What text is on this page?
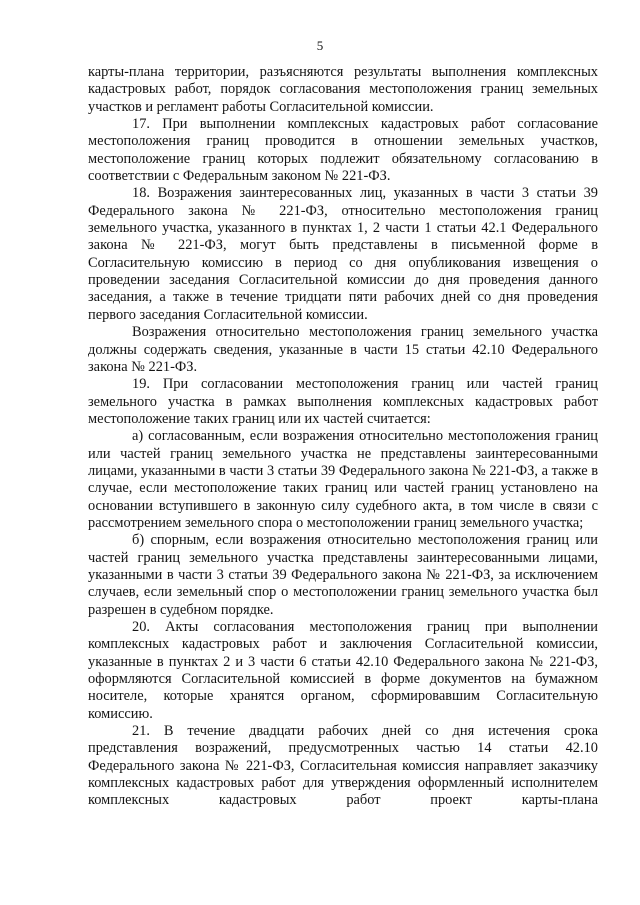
5

карты-плана территории, разъясняются результаты выполнения комплексных кадастровых работ, порядок согласования местоположения границ земельных участков и регламент работы Согласительной комиссии.

17. При выполнении комплексных кадастровых работ согласование местоположения границ проводится в отношении земельных участков, местоположение границ которых подлежит обязательному согласованию в соответствии с Федеральным законом № 221-ФЗ.

18. Возражения заинтересованных лиц, указанных в части 3 статьи 39 Федерального закона № 221-ФЗ, относительно местоположения границ земельного участка, указанного в пунктах 1, 2 части 1 статьи 42.1 Федерального закона № 221-ФЗ, могут быть представлены в письменной форме в Согласительную комиссию в период со дня опубликования извещения о проведении заседания Согласительной комиссии до дня проведения данного заседания, а также в течение тридцати пяти рабочих дней со дня проведения первого заседания Согласительной комиссии.

Возражения относительно местоположения границ земельного участка должны содержать сведения, указанные в части 15 статьи 42.10 Федерального закона № 221-ФЗ.

19. При согласовании местоположения границ или частей границ земельного участка в рамках выполнения комплексных кадастровых работ местоположение таких границ или их частей считается:

а) согласованным, если возражения относительно местоположения границ или частей границ земельного участка не представлены заинтересованными лицами, указанными в части 3 статьи 39 Федерального закона № 221-ФЗ, а также в случае, если местоположение таких границ или частей границ установлено на основании вступившего в законную силу судебного акта, в том числе в связи с рассмотрением земельного спора о местоположении границ земельного участка;

б) спорным, если возражения относительно местоположения границ или частей границ земельного участка представлены заинтересованными лицами, указанными в части 3 статьи 39 Федерального закона № 221-ФЗ, за исключением случаев, если земельный спор о местоположении границ земельного участка был разрешен в судебном порядке.

20. Акты согласования местоположения границ при выполнении комплексных кадастровых работ и заключения Согласительной комиссии, указанные в пунктах 2 и 3 части 6 статьи 42.10 Федерального закона № 221-ФЗ, оформляются Согласительной комиссией в форме документов на бумажном носителе, которые хранятся органом, сформировавшим Согласительную комиссию.

21. В течение двадцати рабочих дней со дня истечения срока представления возражений, предусмотренных частью 14 статьи 42.10 Федерального закона № 221-ФЗ, Согласительная комиссия направляет заказчику комплексных кадастровых работ для утверждения оформленный исполнителем комплексных кадастровых работ проект карты-плана
